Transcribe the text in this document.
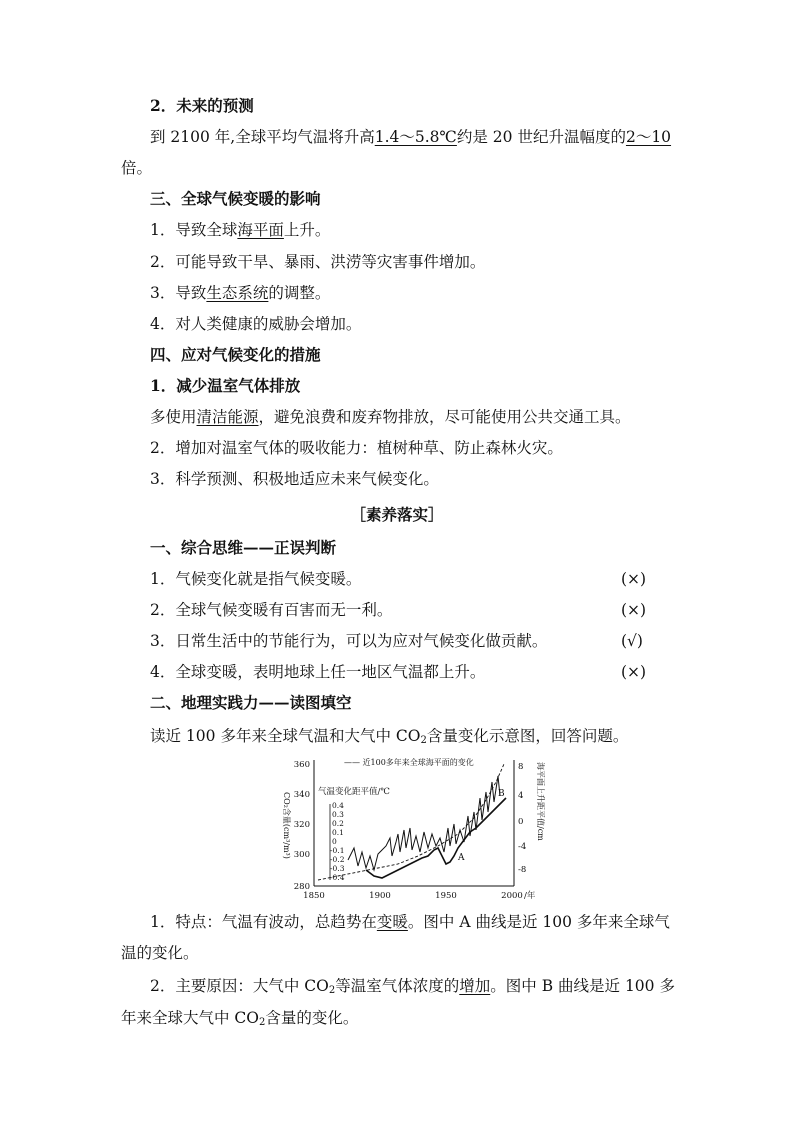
2．未来的预测
到 2100 年,全球平均气温将升高1.4～5.8℃约是 20 世纪升温幅度的2～10
倍。
三、全球气候变暖的影响
1．导致全球海平面上升。
2．可能导致干旱、暴雨、洪涝等灾害事件增加。
3．导致生态系统的调整。
4．对人类健康的威胁会增加。
四、应对气候变化的措施
1．减少温室气体排放
多使用清洁能源，避免浪费和废弃物排放，尽可能使用公共交通工具。
2．增加对温室气体的吸收能力：植树种草、防止森林火灾。
3．科学预测、积极地适应未来气候变化。
［素养落实］
一、综合思维——正误判断
1．气候变化就是指气候变暖。	(×)
2．全球气候变暖有百害而无一利。	(×)
3．日常生活中的节能行为，可以为应对气候变化做贡献。	(√)
4．全球变暖，表明地球上任一地区气温都上升。	(×)
二、地理实践力——读图填空
读近 100 多年来全球气温和大气中 $CO_2$含量变化示意图，回答问题。
360
340
320
300
280
CO₂含量(cm³/m³)
8
4
0
-4
-8
海平面上升距平值/cm
1850	1900	1950	2000 /年
—— 近100多年来全球海平面的变化
气温变化距平值/℃
0.4
0.3
0.2
0.1
0
-0.1
-0.2
-0.3
-0.4
A
B
1．特点：气温有波动，总趋势在变暖。图中 A 曲线是近 100 多年来全球气
温的变化。
2．主要原因：大气中 $CO_2$等温室气体浓度的增加。图中 B 曲线是近 100 多
年来全球大气中 $CO_2$含量的变化。
